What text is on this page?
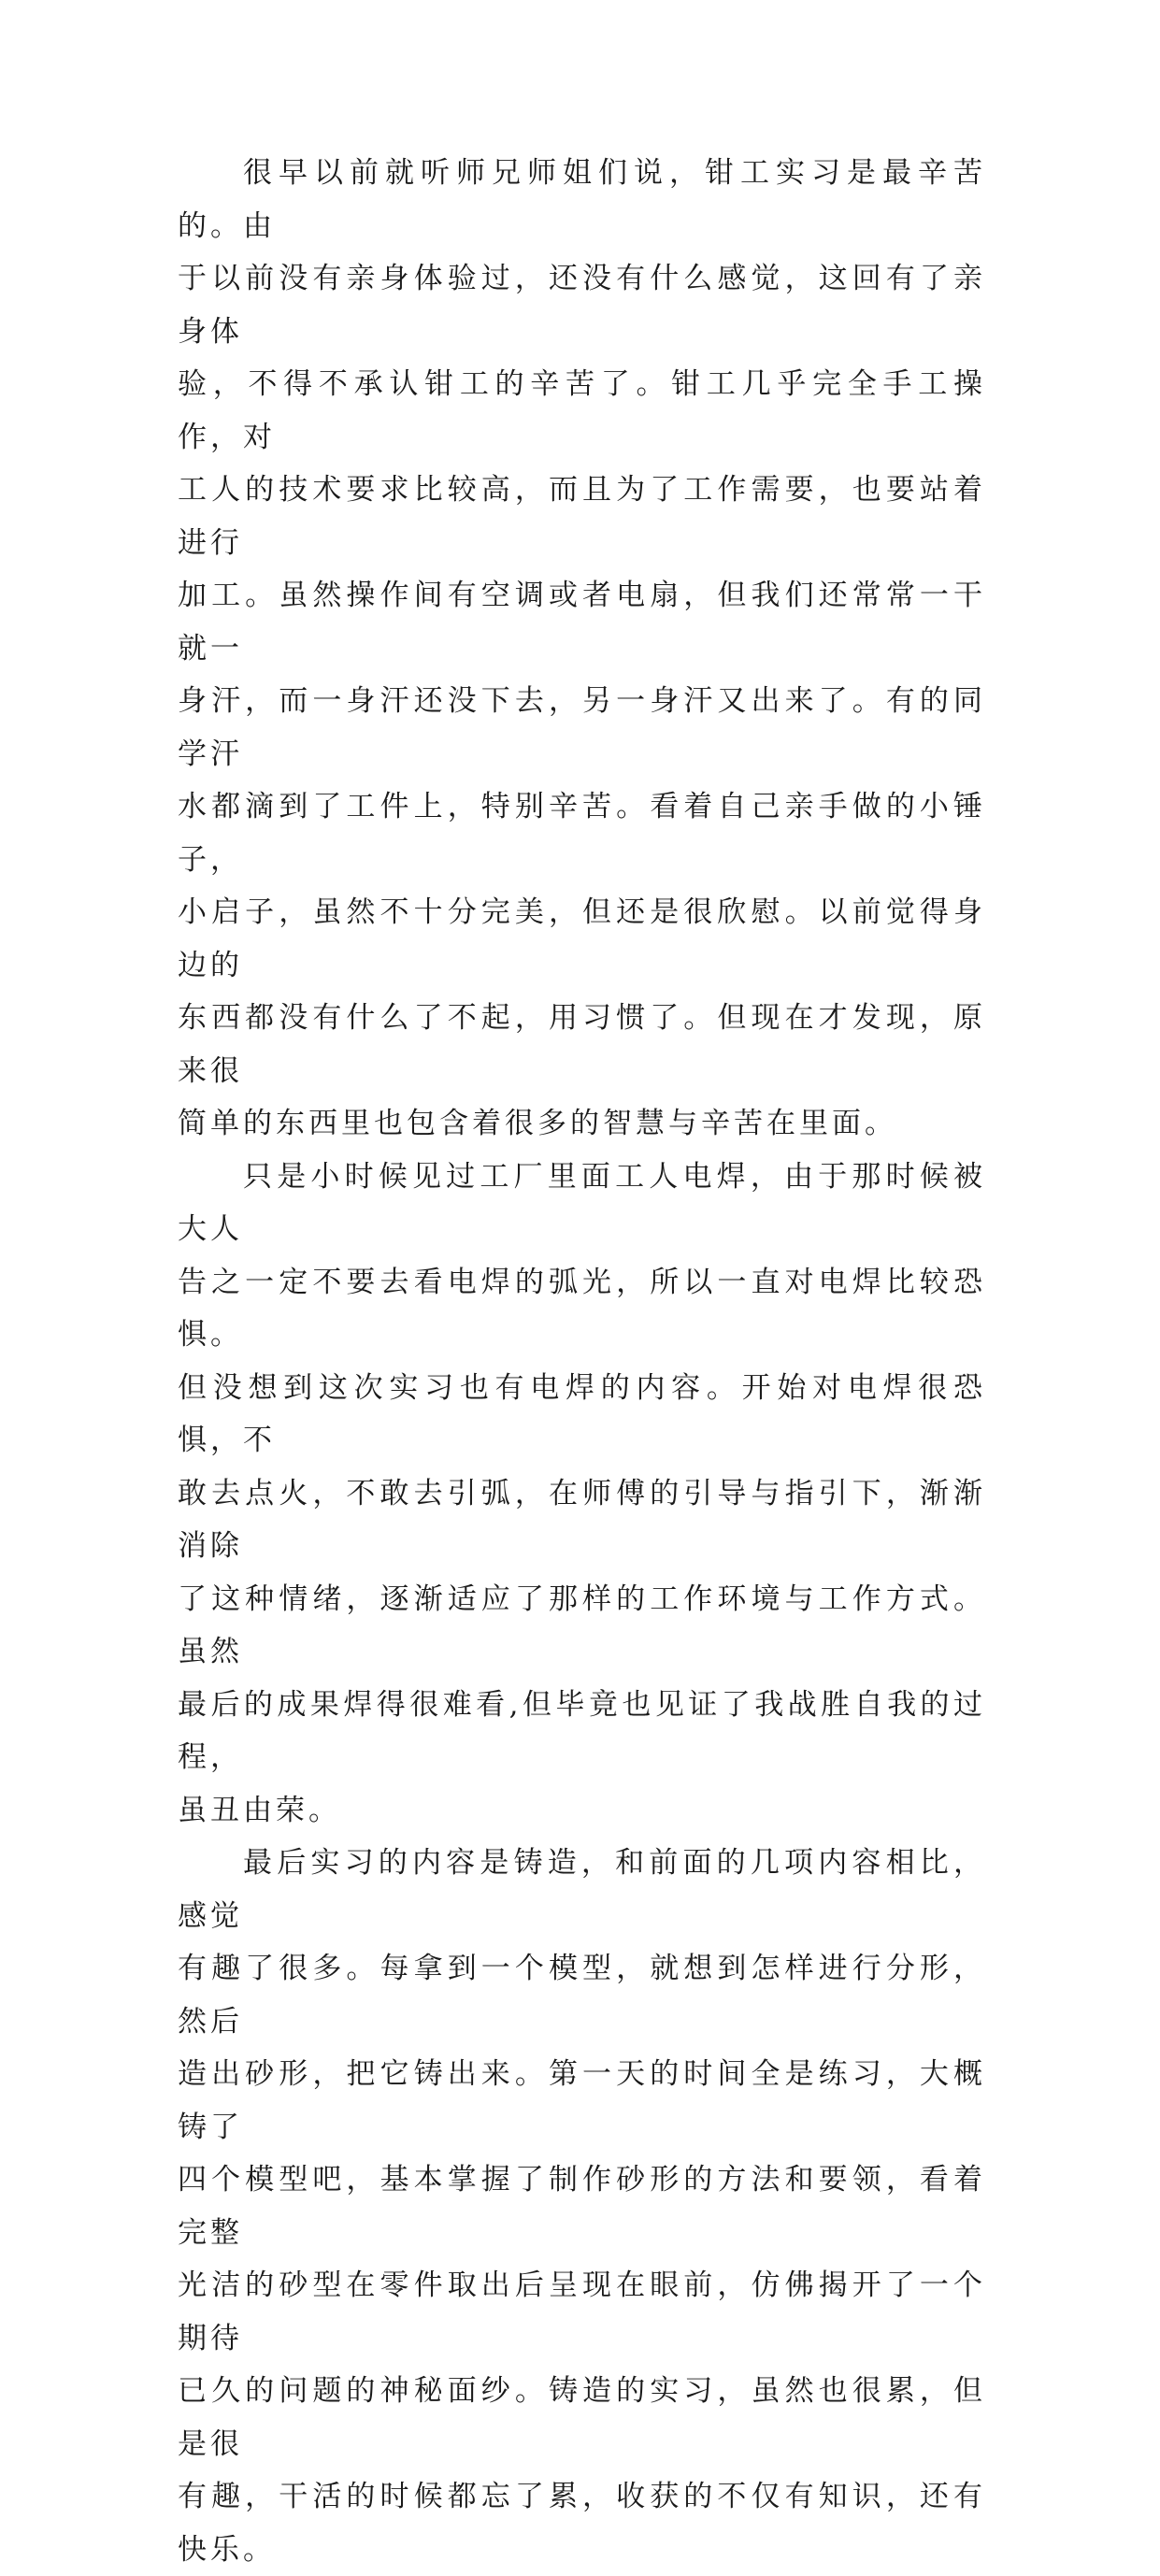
很早以前就听师兄师姐们说，钳工实习是最辛苦的。由
于以前没有亲身体验过，还没有什么感觉，这回有了亲身体
验，不得不承认钳工的辛苦了。钳工几乎完全手工操作，对
工人的技术要求比较高，而且为了工作需要，也要站着进行
加工。虽然操作间有空调或者电扇，但我们还常常一干就一
身汗，而一身汗还没下去，另一身汗又出来了。有的同学汗
水都滴到了工件上，特别辛苦。看着自己亲手做的小锤子，
小启子，虽然不十分完美，但还是很欣慰。以前觉得身边的
东西都没有什么了不起，用习惯了。但现在才发现，原来很
简单的东西里也包含着很多的智慧与辛苦在里面。

只是小时候见过工厂里面工人电焊，由于那时候被大人
告之一定不要去看电焊的弧光，所以一直对电焊比较恐惧。
但没想到这次实习也有电焊的内容。开始对电焊很恐惧，不
敢去点火，不敢去引弧，在师傅的引导与指引下，渐渐消除
了这种情绪，逐渐适应了那样的工作环境与工作方式。虽然
最后的成果焊得很难看,但毕竟也见证了我战胜自我的过程，
虽丑由荣。

最后实习的内容是铸造，和前面的几项内容相比，感觉
有趣了很多。每拿到一个模型，就想到怎样进行分形，然后
造出砂形，把它铸出来。第一天的时间全是练习，大概铸了
四个模型吧，基本掌握了制作砂形的方法和要领，看着完整
光洁的砂型在零件取出后呈现在眼前，仿佛揭开了一个期待
已久的问题的神秘面纱。铸造的实习，虽然也很累，但是很
有趣，干活的时候都忘了累，收获的不仅有知识，还有快乐。
